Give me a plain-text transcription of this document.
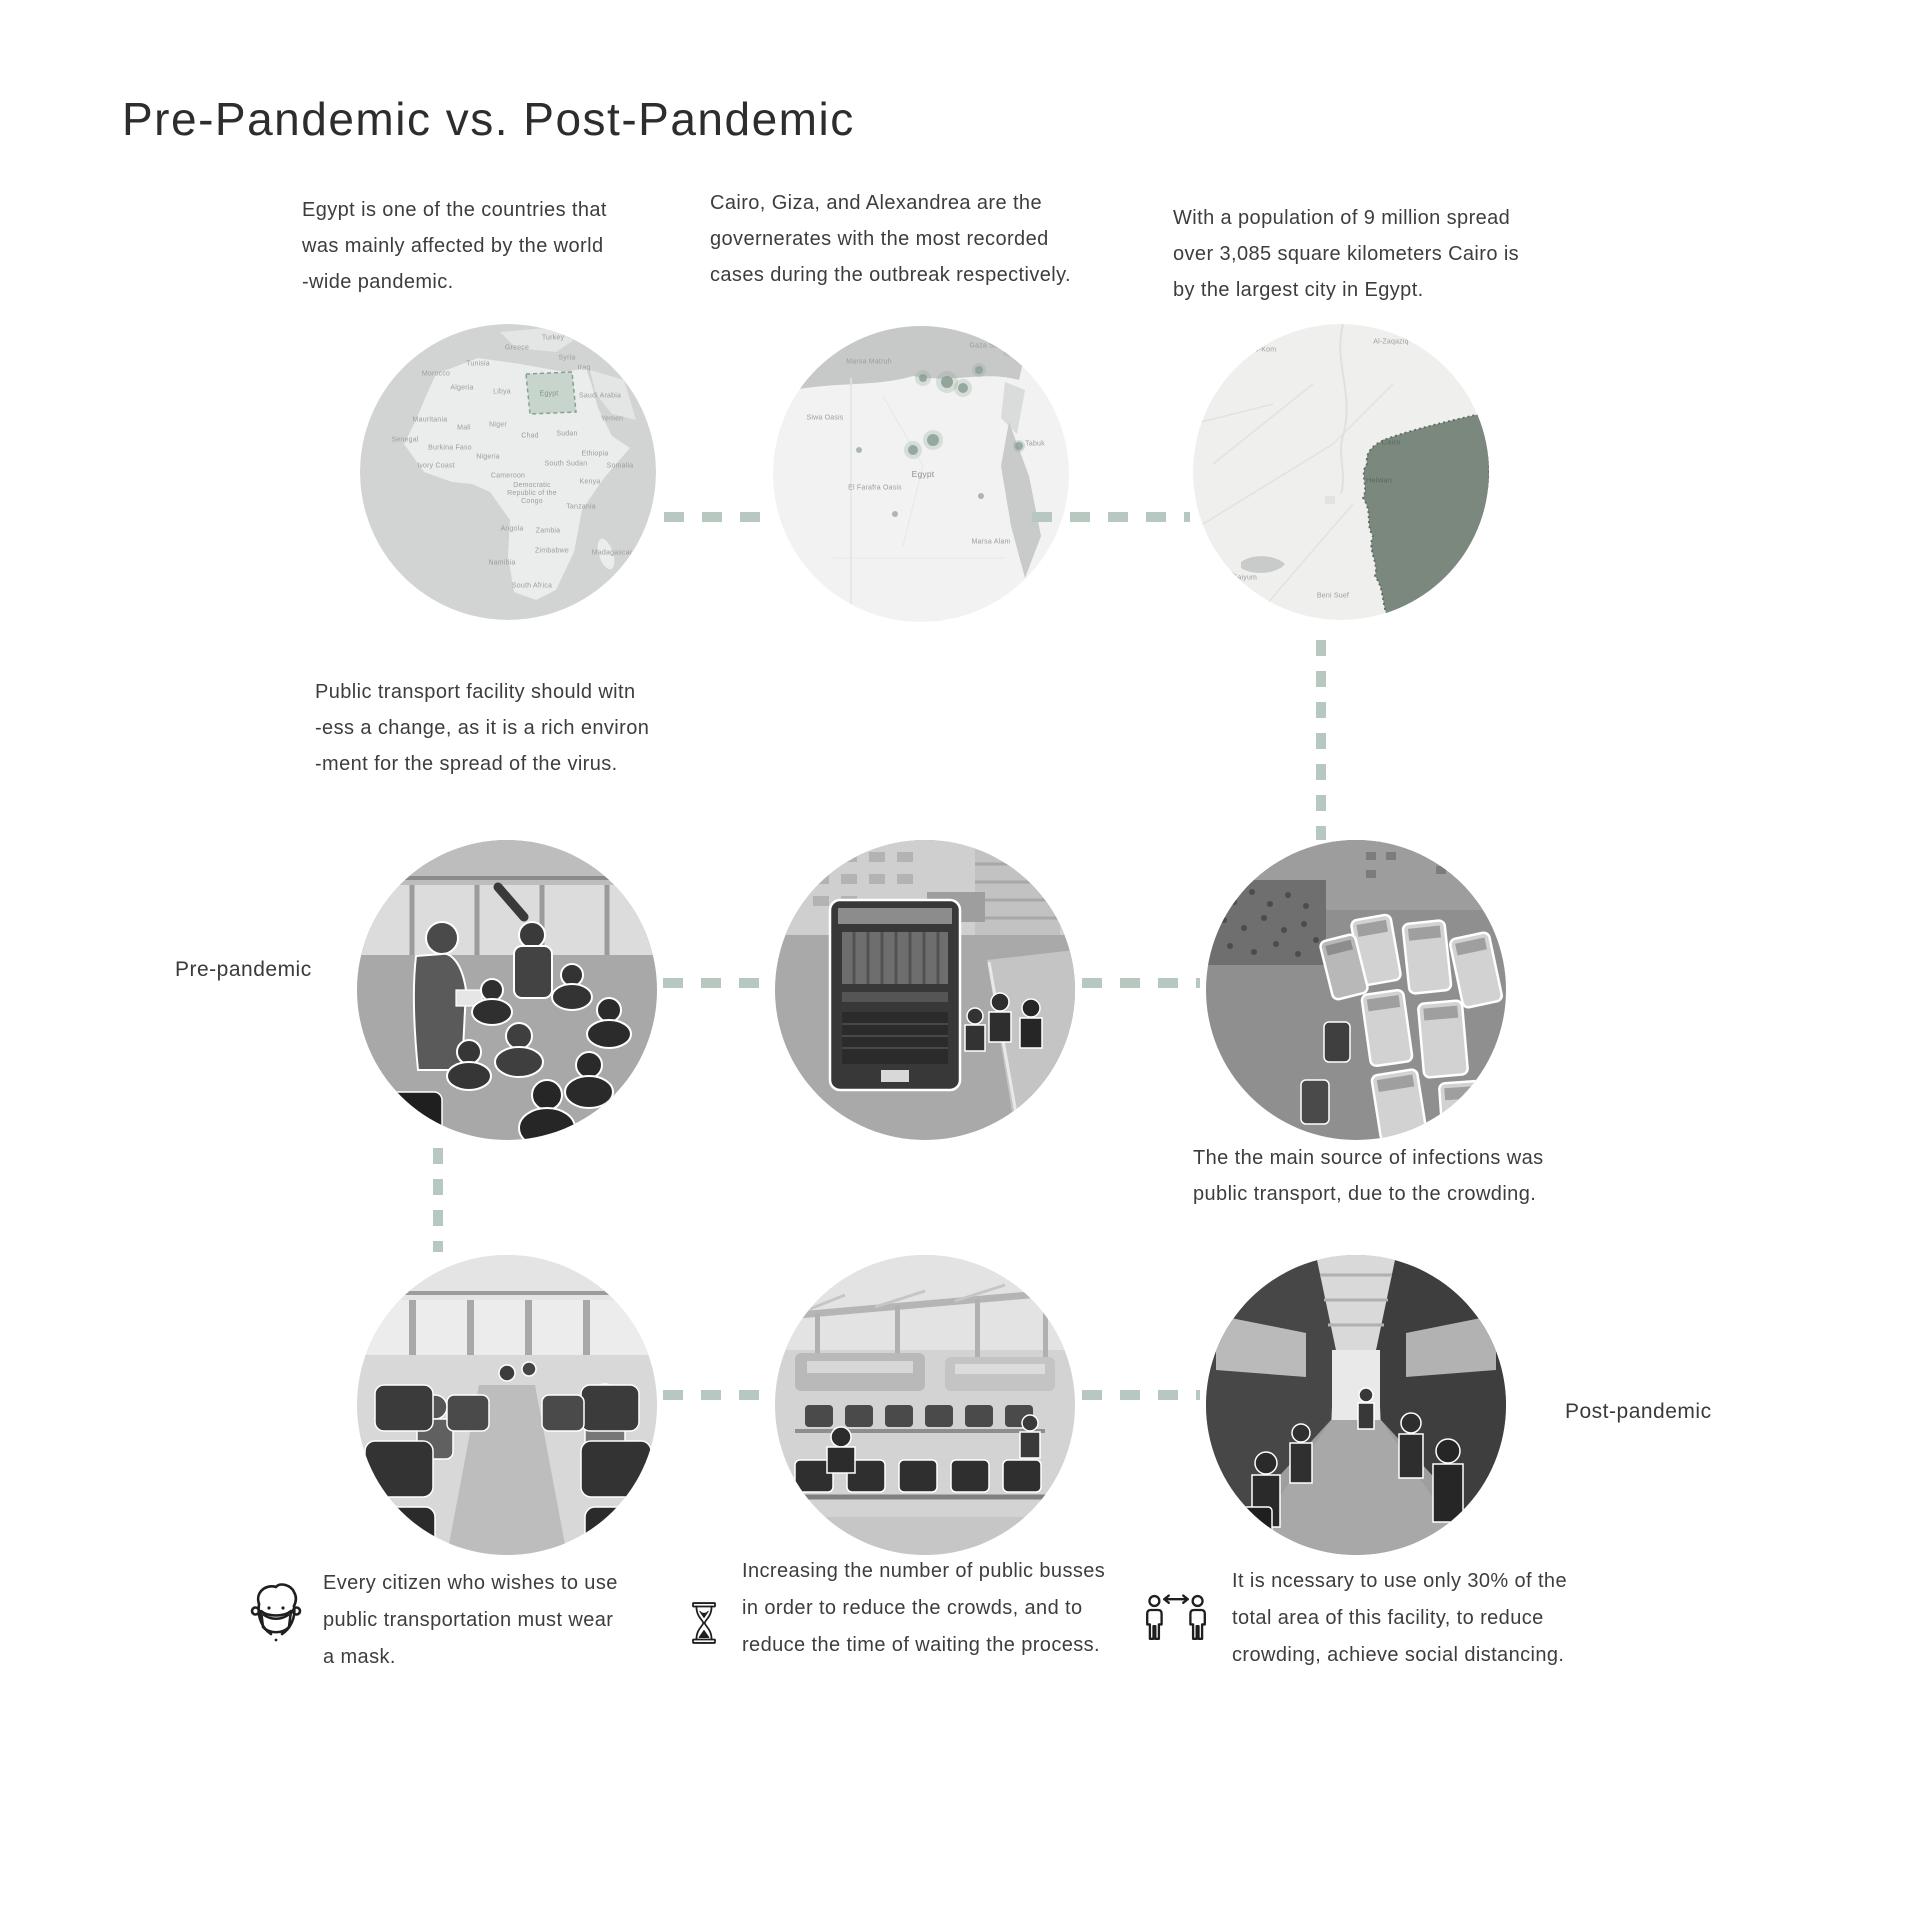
Pre-Pandemic vs. Post-Pandemic
Egypt is one of the countries that
was mainly affected by the world
-wide pandemic.
Cairo, Giza, and Alexandrea are the
governerates with the most recorded
cases during the outbreak respectively.
With a population of 9 million spread
over 3,085 square kilometers Cairo is
by the largest city in Egypt.
Turkey
Greece
Syria
Iraq
Tunisia
Morocco
Algeria
Libya	Egypt	Saudi Arabia
Mauritania
Mali	Niger
Chad	Sudan
Yemen
Senegal
Burkina Faso
Nigeria
Ivory Coast
Cameroon
South Sudan
Ethiopia
Somalia
Kenya
Democratic Republic of the Congo
Tanzania
Angola Zambia
Zimbabwe
Namibia
Madagascar
South Africa
Marsa Matruh
Siwa Oasis
El Farafra Oasis
Egypt
Israel
Gaza Strip
Tabuk
Marsa Alam
Shibin Al-Kom
Al-Zaqaziq
Cairo
Helwan
Faiyum
Beni Suef
Public transport facility should witn
-ess a change, as it is a rich environ
-ment for the spread of the virus.
Pre-pandemic
The the main source of infections was
public transport, due to the crowding.
Post-pandemic
Every citizen who wishes to use
public transportation must wear
a mask.
Increasing the number of public busses
in order to reduce the crowds, and to
reduce the time of waiting the process.
It is ncessary to use only 30% of the
total area of this facility, to reduce
crowding, achieve social distancing.
